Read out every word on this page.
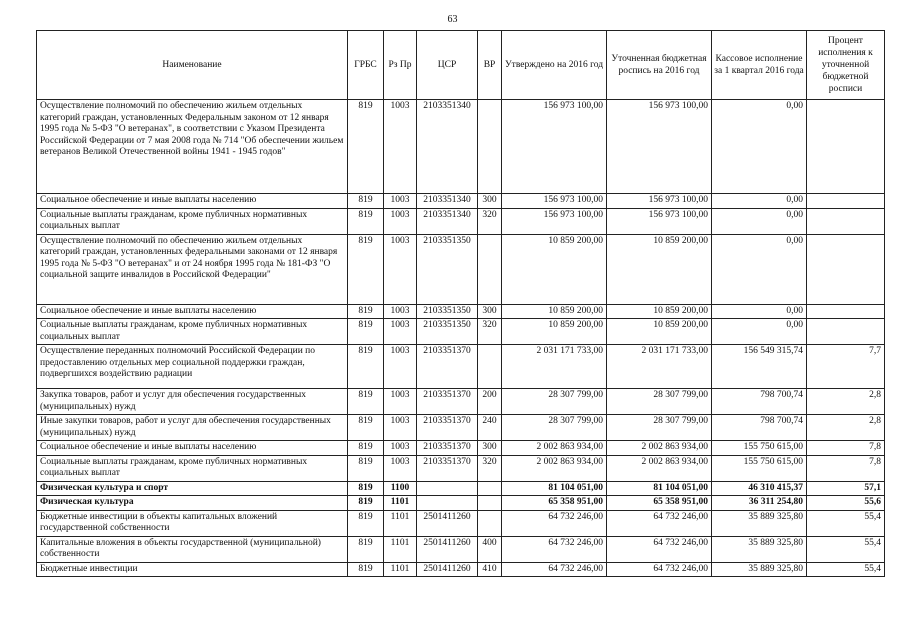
63
Наименование	ГРБС	Рз Пр	ЦСР	ВР	Утверждено на 2016 год	Уточненная бюджетная роспись на 2016 год	Кассовое исполнение за 1 квартал 2016 года	Процент исполнения к уточненной бюджетной росписи
Осуществление полномочий по обеспечению жильем отдельных категорий граждан, установленных Федеральным законом от 12 января 1995 года № 5-ФЗ "О ветеранах", в соответствии с Указом Президента Российской Федерации от 7 мая 2008 года № 714 "Об обеспечении жильем ветеранов Великой Отечественной войны 1941 - 1945 годов"	819	1003	2103351340		156 973 100,00	156 973 100,00	0,00	
Социальное обеспечение и иные выплаты населению	819	1003	2103351340	300	156 973 100,00	156 973 100,00	0,00	
Социальные выплаты гражданам, кроме публичных нормативных социальных выплат	819	1003	2103351340	320	156 973 100,00	156 973 100,00	0,00	
Осуществление полномочий по обеспечению жильем отдельных категорий граждан, установленных федеральными законами от 12 января 1995 года № 5-ФЗ "О ветеранах" и от 24 ноября 1995 года № 181-ФЗ "О социальной защите инвалидов в Российской Федерации"	819	1003	2103351350		10 859 200,00	10 859 200,00	0,00	
Социальное обеспечение и иные выплаты населению	819	1003	2103351350	300	10 859 200,00	10 859 200,00	0,00	
Социальные выплаты гражданам, кроме публичных нормативных социальных выплат	819	1003	2103351350	320	10 859 200,00	10 859 200,00	0,00	
Осуществление переданных полномочий Российской Федерации по предоставлению отдельных мер социальной поддержки граждан, подвергшихся воздействию радиации	819	1003	2103351370		2 031 171 733,00	2 031 171 733,00	156 549 315,74	7,7
Закупка товаров, работ и услуг для обеспечения государственных (муниципальных) нужд	819	1003	2103351370	200	28 307 799,00	28 307 799,00	798 700,74	2,8
Иные закупки товаров, работ и услуг для обеспечения государственных (муниципальных) нужд	819	1003	2103351370	240	28 307 799,00	28 307 799,00	798 700,74	2,8
Социальное обеспечение и иные выплаты населению	819	1003	2103351370	300	2 002 863 934,00	2 002 863 934,00	155 750 615,00	7,8
Социальные выплаты гражданам, кроме публичных нормативных социальных выплат	819	1003	2103351370	320	2 002 863 934,00	2 002 863 934,00	155 750 615,00	7,8
Физическая культура и спорт	819	1100			81 104 051,00	81 104 051,00	46 310 415,37	57,1
Физическая культура	819	1101			65 358 951,00	65 358 951,00	36 311 254,80	55,6
Бюджетные инвестиции в объекты капитальных вложений государственной собственности	819	1101	2501411260		64 732 246,00	64 732 246,00	35 889 325,80	55,4
Капитальные вложения в объекты государственной (муниципальной) собственности	819	1101	2501411260	400	64 732 246,00	64 732 246,00	35 889 325,80	55,4
Бюджетные инвестиции	819	1101	2501411260	410	64 732 246,00	64 732 246,00	35 889 325,80	55,4
